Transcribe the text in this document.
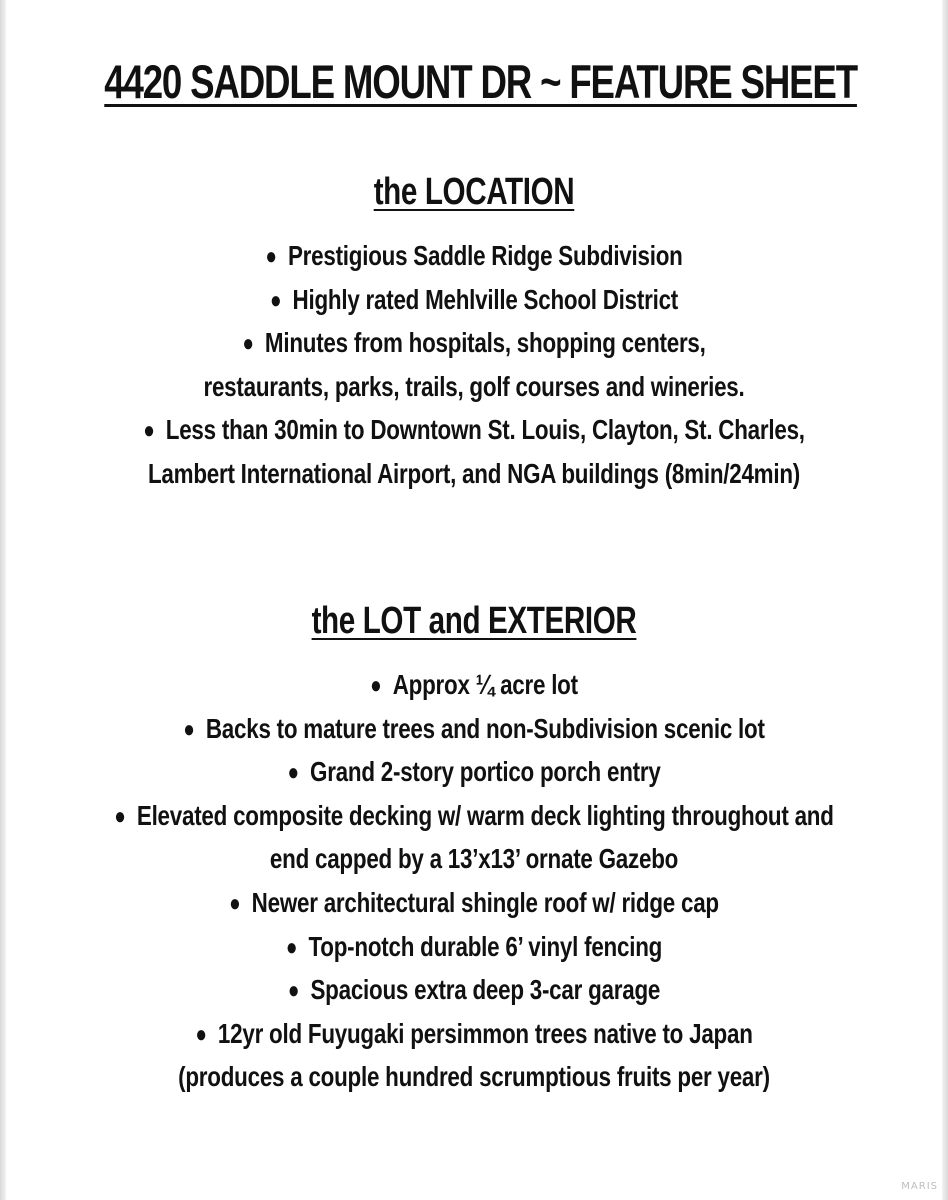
4420 SADDLE MOUNT DR ~ FEATURE SHEET
the LOCATION
● Prestigious Saddle Ridge Subdivision
● Highly rated Mehlville School District
● Minutes from hospitals, shopping centers,
restaurants, parks, trails, golf courses and wineries.
● Less than 30min to Downtown St. Louis, Clayton, St. Charles,
Lambert International Airport, and NGA buildings (8min/24min)
the LOT and EXTERIOR
● Approx ¼ acre lot
● Backs to mature trees and non-Subdivision scenic lot
● Grand 2-story portico porch entry
● Elevated composite decking w/ warm deck lighting throughout and
end capped by a 13’x13’ ornate Gazebo
● Newer architectural shingle roof w/ ridge cap
● Top-notch durable 6’ vinyl fencing
● Spacious extra deep 3-car garage
● 12yr old Fuyugaki persimmon trees native to Japan
(produces a couple hundred scrumptious fruits per year)
MARIS
